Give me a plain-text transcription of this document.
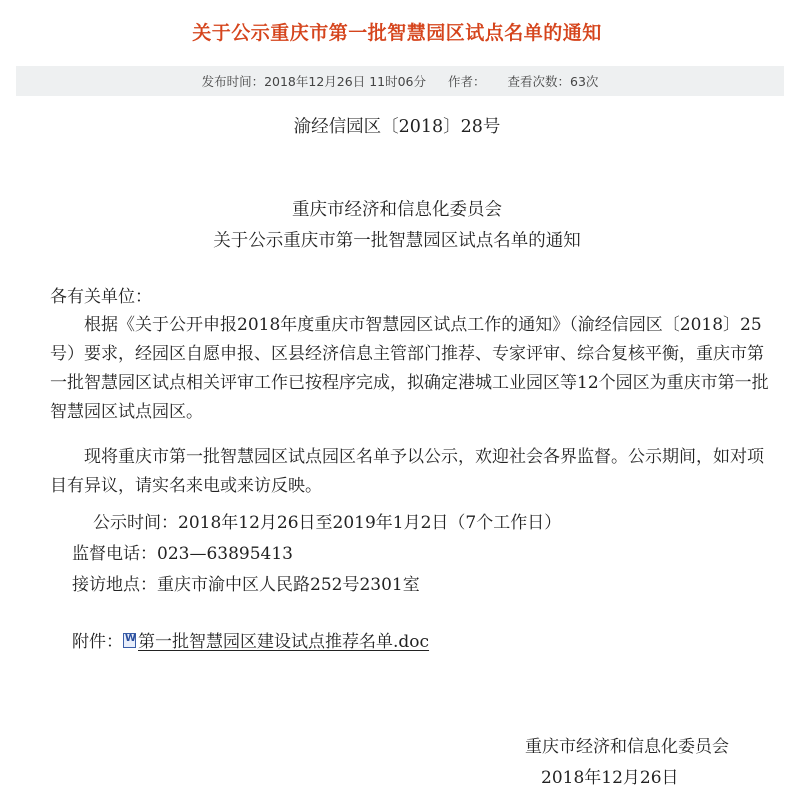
关于公示重庆市第一批智慧园区试点名单的通知
发布时间： 2018年12月26日
11时06分 作者： 查看次数： 63次
渝经信园区〔2018〕28号
重庆市经济和信息化委员会
关于公示重庆市第一批智慧园区试点名单的通知
各有关单位：
根据《关于公开申报2018年度重庆市智慧园区试点工作的通知》（渝经信园区〔2018〕25号）要求，经园区自愿申报、区县经济信息主管部门推荐、专家评审、综合复核平衡，重庆市第一批智慧园区试点相关评审工作已按程序完成，拟确定港城工业园区等12个园区为重庆市第一批智慧园区试点园区。
现将重庆市第一批智慧园区试点园区名单予以公示，欢迎社会各界监督。公示期间，如对项目有异议，请实名来电或来访反映。
公示时间：2018年12月26日至2019年1月2日（7个工作日）
监督电话：023—63895413
接访地点：重庆市渝中区人民路252号2301室
附件：W 第一批智慧园区建设试点推荐名单.doc
重庆市经济和信息化委员会
2018年12月26日
